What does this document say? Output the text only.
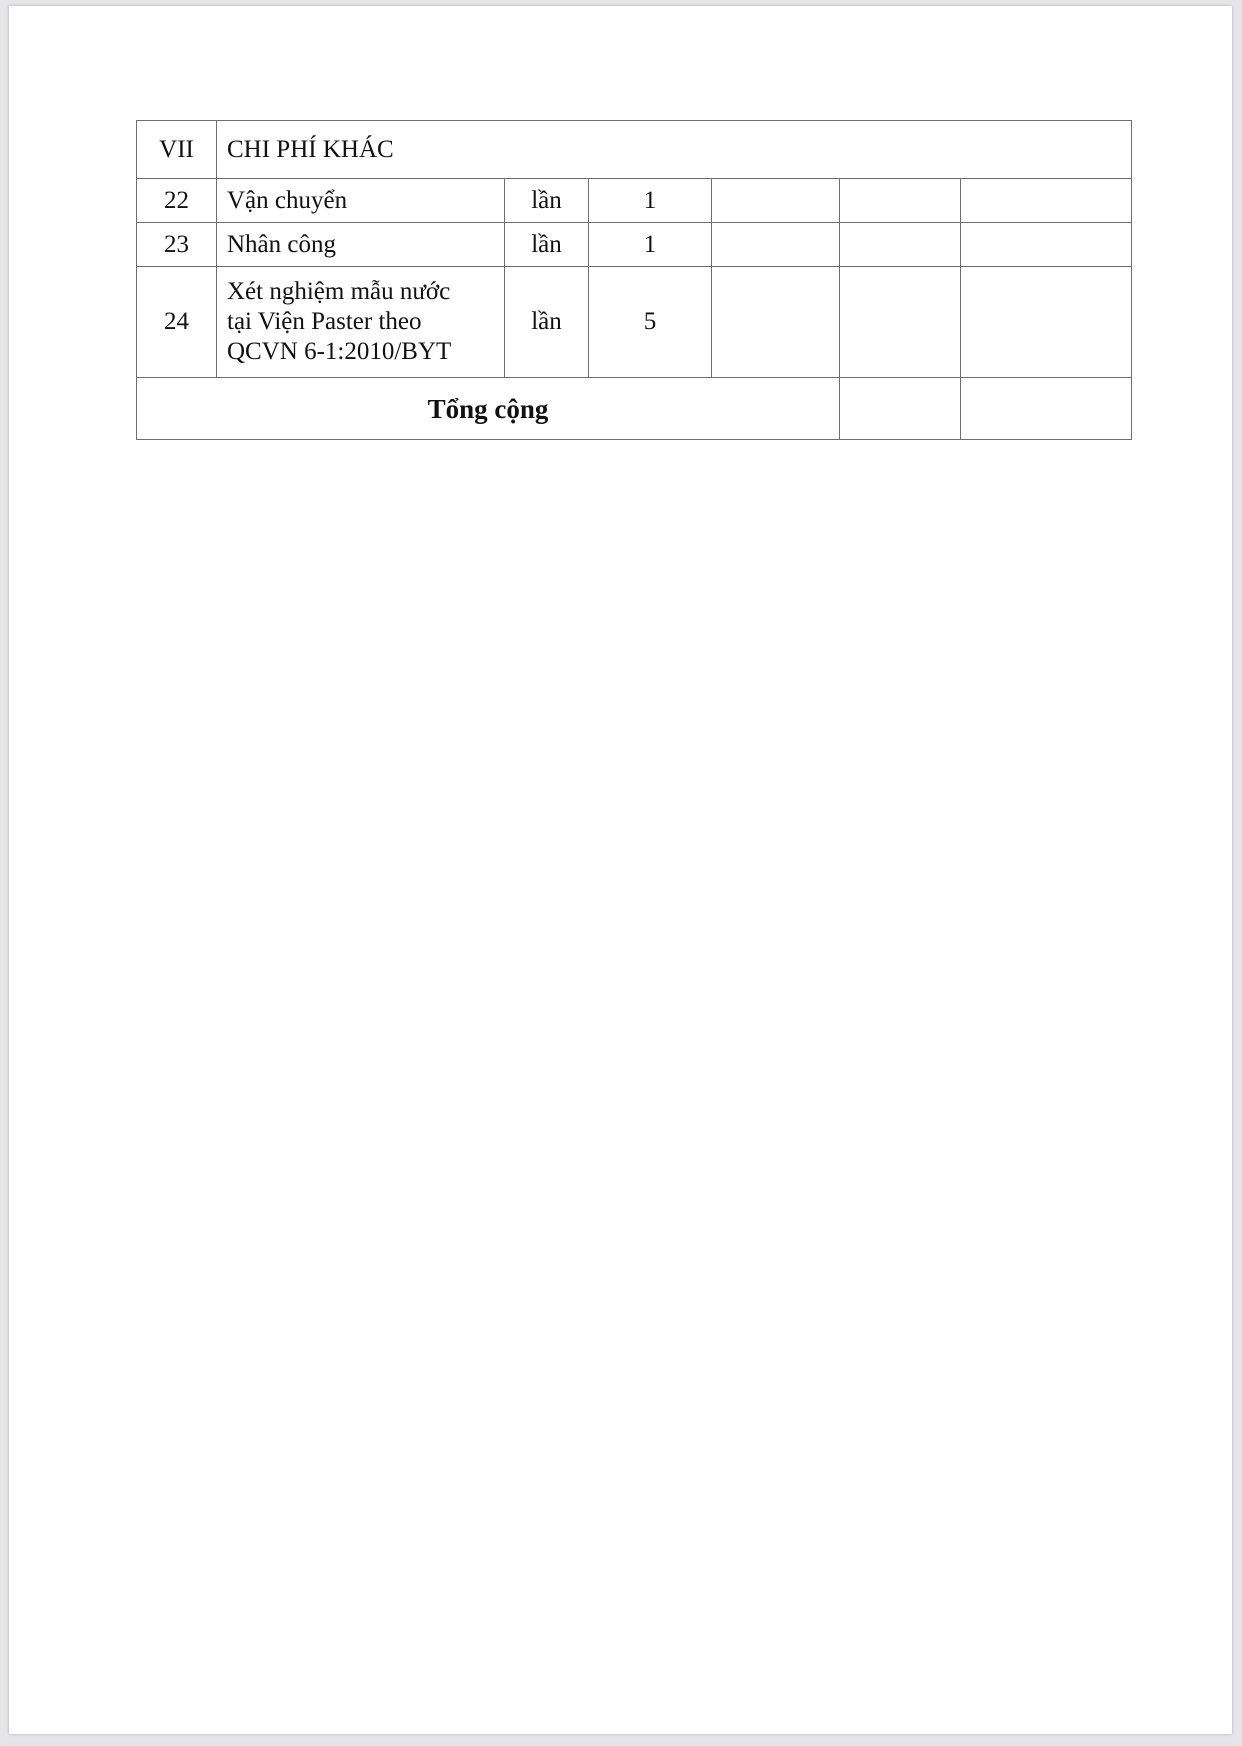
VII	CHI PHÍ KHÁC					
22	Vận chuyển	lần	1			
23	Nhân công	lần	1			
24	Xét nghiệm mẫu nước
tại Viện Paster theo
QCVN 6-1:2010/BYT	lần	5			
Tổng cộng						
